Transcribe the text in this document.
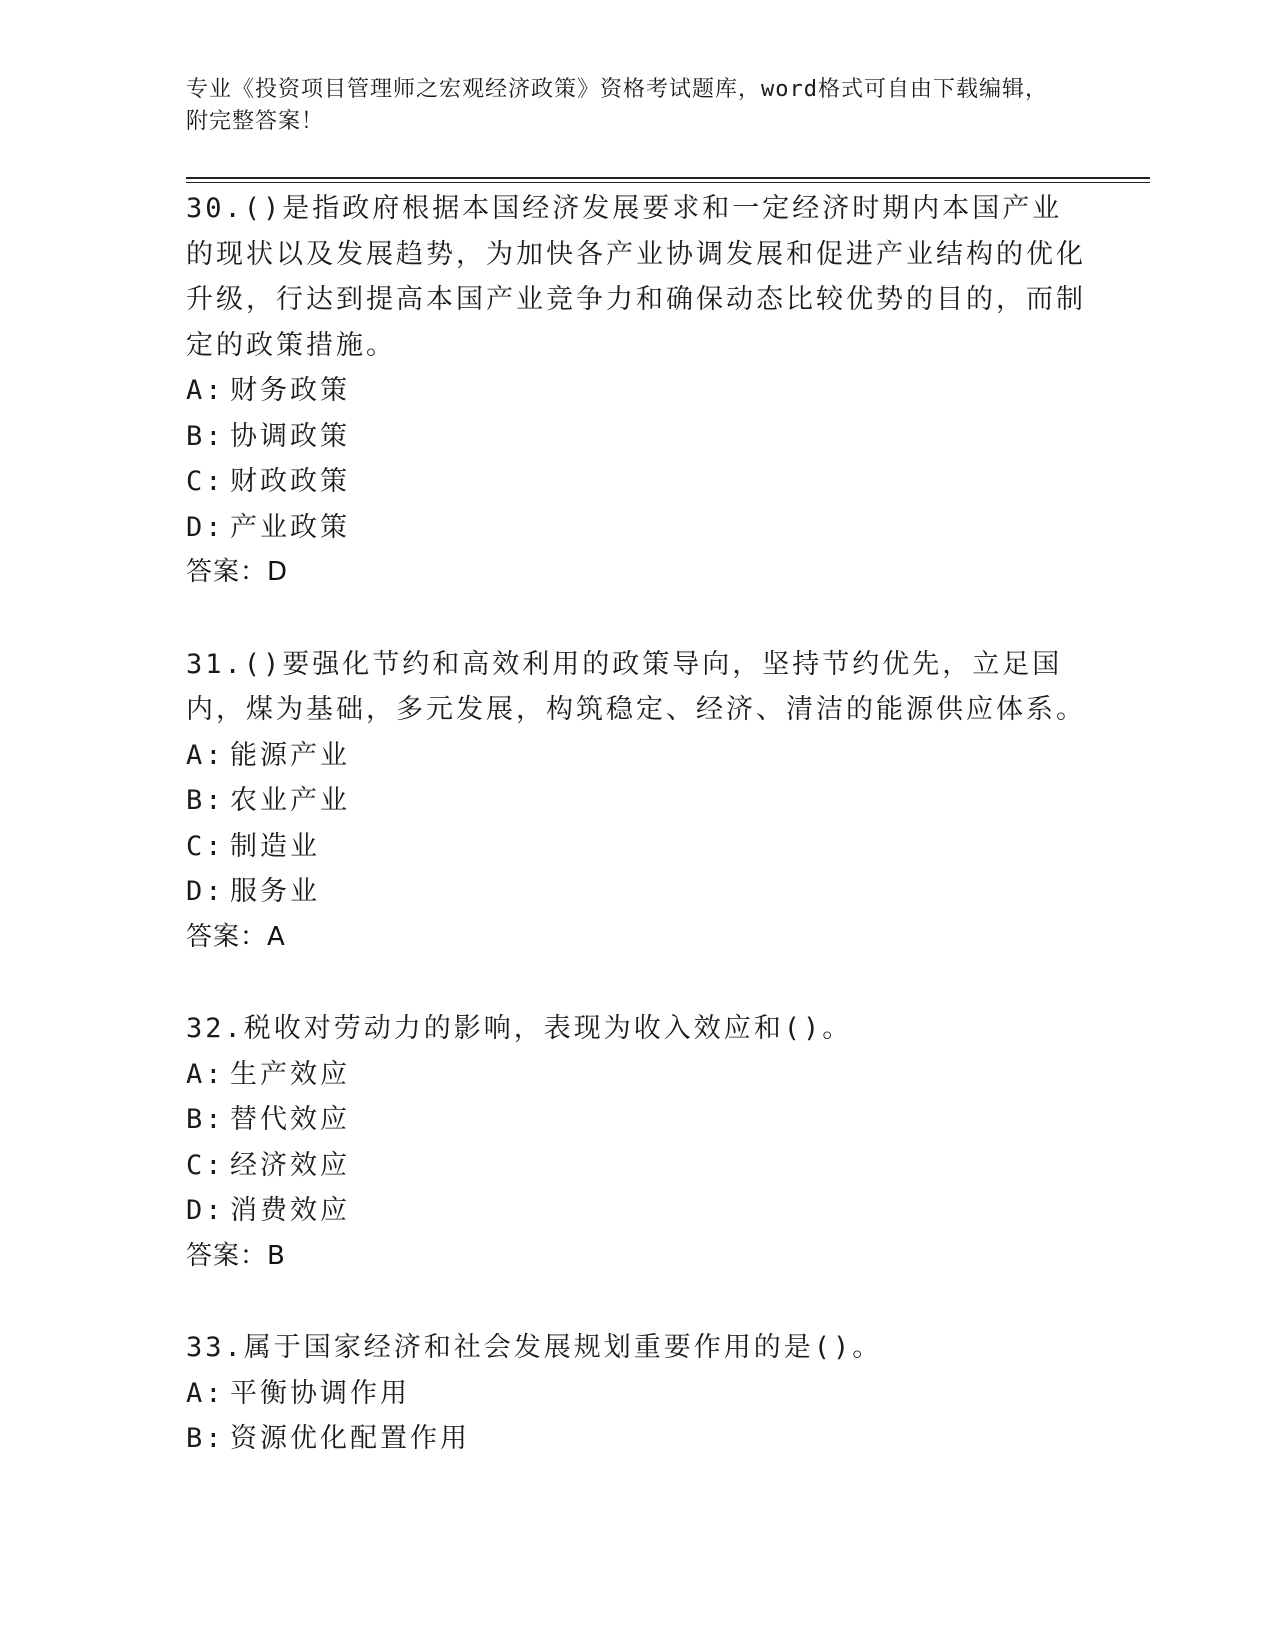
专业《投资项目管理师之宏观经济政策》资格考试题库，word格式可自由下载编辑，附完整答案！
30.()是指政府根据本国经济发展要求和一定经济时期内本国产业的现状以及发展趋势，为加快各产业协调发展和促进产业结构的优化升级，行达到提高本国产业竞争力和确保动态比较优势的目的，而制定的政策措施。
A: 财务政策
B: 协调政策
C: 财政政策
D: 产业政策
答案：D
31.()要强化节约和高效利用的政策导向，坚持节约优先，立足国内，煤为基础，多元发展，构筑稳定、经济、清洁的能源供应体系。
A: 能源产业
B: 农业产业
C: 制造业
D: 服务业
答案：A
32.税收对劳动力的影响，表现为收入效应和()。
A: 生产效应
B: 替代效应
C: 经济效应
D: 消费效应
答案：B
33.属于国家经济和社会发展规划重要作用的是()。
A: 平衡协调作用
B: 资源优化配置作用
